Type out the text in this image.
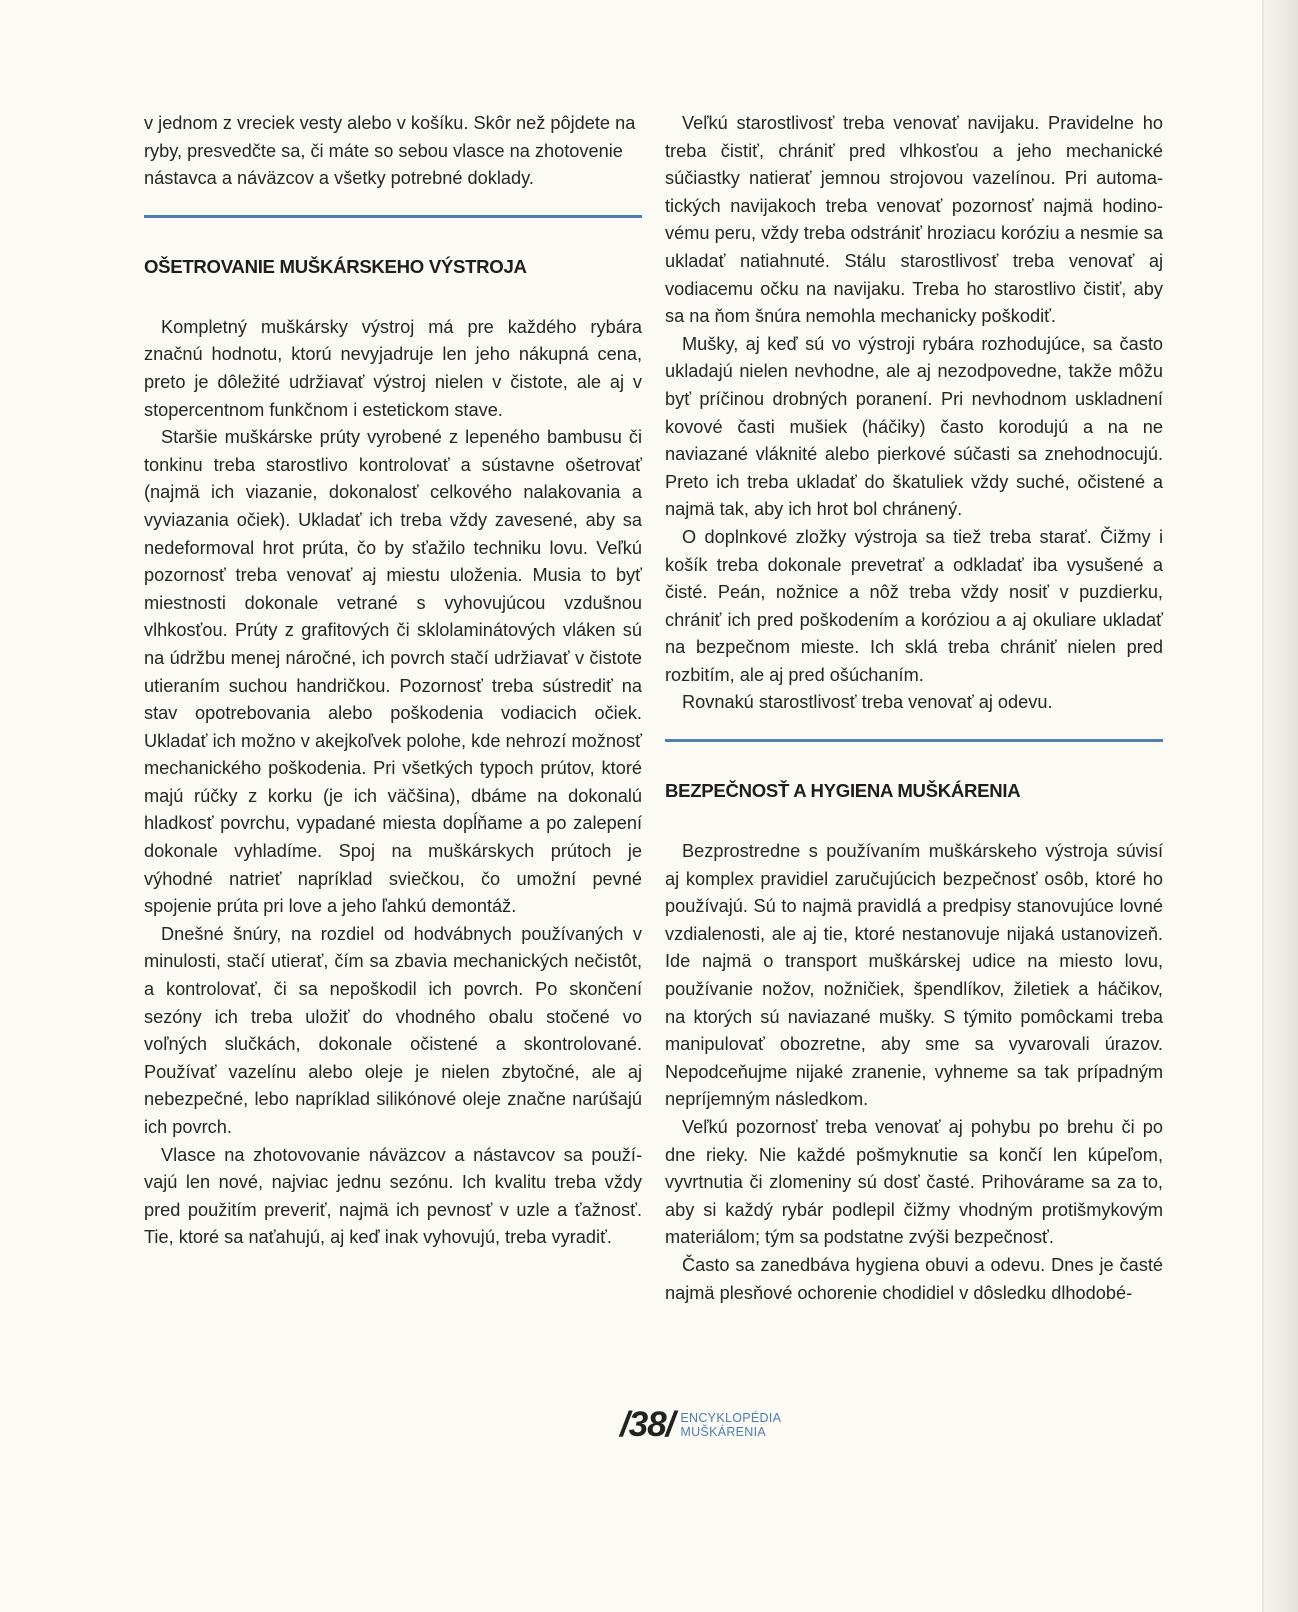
v jednom z vreciek vesty alebo v košíku. Skôr než pôjdete na ryby, presvedčte sa, či máte so sebou vlasce na zhotovenie nástavca a náväzcov a všetky potrebné doklady.

OŠETROVANIE MUŠKÁRSKEHO VÝSTROJA

Kompletný muškársky výstroj má pre každého rybára značnú hodnotu, ktorú nevyjadruje len jeho nákupná cena, preto je dôležité udržiavať výstroj nielen v čistote, ale aj v stopercentnom funkčnom i estetickom stave.

Staršie muškárske prúty vyrobené z lepeného bambusu či tonkinu treba starostlivo kontrolovať a sústavne ošetrovať (najmä ich viazanie, dokonalosť celkového nalakovania a vyviazania očiek). Ukladať ich treba vždy zavesené, aby sa nedeformoval hrot prúta, čo by sťažilo techniku lovu. Veľkú pozornosť treba venovať aj miestu uloženia. Musia to byť miestnosti dokonale vetrané s vyhovujúcou vzdušnou vlhkosťou. Prúty z grafitových či sklolaminátových vláken sú na údržbu menej náročné, ich povrch stačí udržiavať v čistote utieraním suchou handričkou. Pozornosť treba sústrediť na stav opotrebovania alebo poškodenia vodiacich očiek. Ukladať ich možno v akejkoľvek polohe, kde nehrozí možnosť mechanického poškodenia. Pri všetkých typoch prútov, ktoré majú rúčky z korku (je ich väčšina), dbáme na dokonalú hladkosť povrchu, vypadané miesta dopĺňame a po zalepení dokonale vyhladíme. Spoj na muškárskych prútoch je výhodné natrieť napríklad sviečkou, čo umožní pevné spojenie prúta pri love a jeho ľahkú demontáž.

Dnešné šnúry, na rozdiel od hodvábnych používaných v minulosti, stačí utierať, čím sa zbavia mechanických nečistôt, a kontrolovať, či sa nepoškodil ich povrch. Po skončení sezóny ich treba uložiť do vhodného obalu stočené vo voľných slučkách, dokonale očistené a skontrolované. Používať vazelínu alebo oleje je nielen zbytočné, ale aj nebezpečné, lebo napríklad silikónové oleje značne narúšajú ich povrch.

Vlasce na zhotovovanie náväzcov a nástavcov sa používajú len nové, najviac jednu sezónu. Ich kvalitu treba vždy pred použitím preveriť, najmä ich pevnosť v uzle a ťažnosť. Tie, ktoré sa naťahujú, aj keď inak vyhovujú, treba vyradiť.

Veľkú starostlivosť treba venovať navijaku. Pravidelne ho treba čistiť, chrániť pred vlhkosťou a jeho mechanické súčiastky natierať jemnou strojovou vazelínou. Pri automatických navijakoch treba venovať pozornosť najmä hodinovému peru, vždy treba odstrániť hroziacu koróziu a nesmie sa ukladať natiahnuté. Stálu starostlivosť treba venovať aj vodiacemu očku na navijaku. Treba ho starostlivo čistiť, aby sa na ňom šnúra nemohla mechanicky poškodiť.

Mušky, aj keď sú vo výstroji rybára rozhodujúce, sa často ukladajú nielen nevhodne, ale aj nezodpovedne, takže môžu byť príčinou drobných poranení. Pri nevhodnom uskladnení kovové časti mušiek (háčiky) často korodujú a na ne naviazané vláknité alebo pierkové súčasti sa znehodnocujú. Preto ich treba ukladať do škatuliek vždy suché, očistené a najmä tak, aby ich hrot bol chránený.

O doplnkové zložky výstroja sa tiež treba starať. Čižmy i košík treba dokonale prevetrať a odkladať iba vysušené a čisté. Peán, nožnice a nôž treba vždy nosiť v puzdierku, chrániť ich pred poškodením a koróziou a aj okuliare ukladať na bezpečnom mieste. Ich sklá treba chrániť nielen pred rozbitím, ale aj pred ošúchaním.

Rovnakú starostlivosť treba venovať aj odevu.

BEZPEČNOSŤ A HYGIENA MUŠKÁRENIA

Bezprostredne s používaním muškárskeho výstroja súvisí aj komplex pravidiel zaručujúcich bezpečnosť osôb, ktoré ho používajú. Sú to najmä pravidlá a predpisy stanovujúce lovné vzdialenosti, ale aj tie, ktoré nestanovuje nijaká ustanovizeň. Ide najmä o transport muškárskej udice na miesto lovu, používanie nožov, nožničiek, špendlíkov, žiletiek a háčikov, na ktorých sú naviazané mušky. S týmito pomôckami treba manipulovať obozretne, aby sme sa vyvarovali úrazov. Nepodceňujme nijaké zranenie, vyhneme sa tak prípadným nepríjemným následkom.

Veľkú pozornosť treba venovať aj pohybu po brehu či po dne rieky. Nie každé pošmyknutie sa končí len kúpeľom, vyvrtnutia či zlomeniny sú dosť časté. Prihovárame sa za to, aby si každý rybár podlepil čižmy vhodným protišmykovým materiálom; tým sa podstatne zvýši bezpečnosť.

Často sa zanedbáva hygiena obuvi a odevu. Dnes je časté najmä plesňové ochorenie chodidiel v dôsledku dlhodobé-

/38/ ENCYKLOPÉDIA
MUŠKÁRENIA
